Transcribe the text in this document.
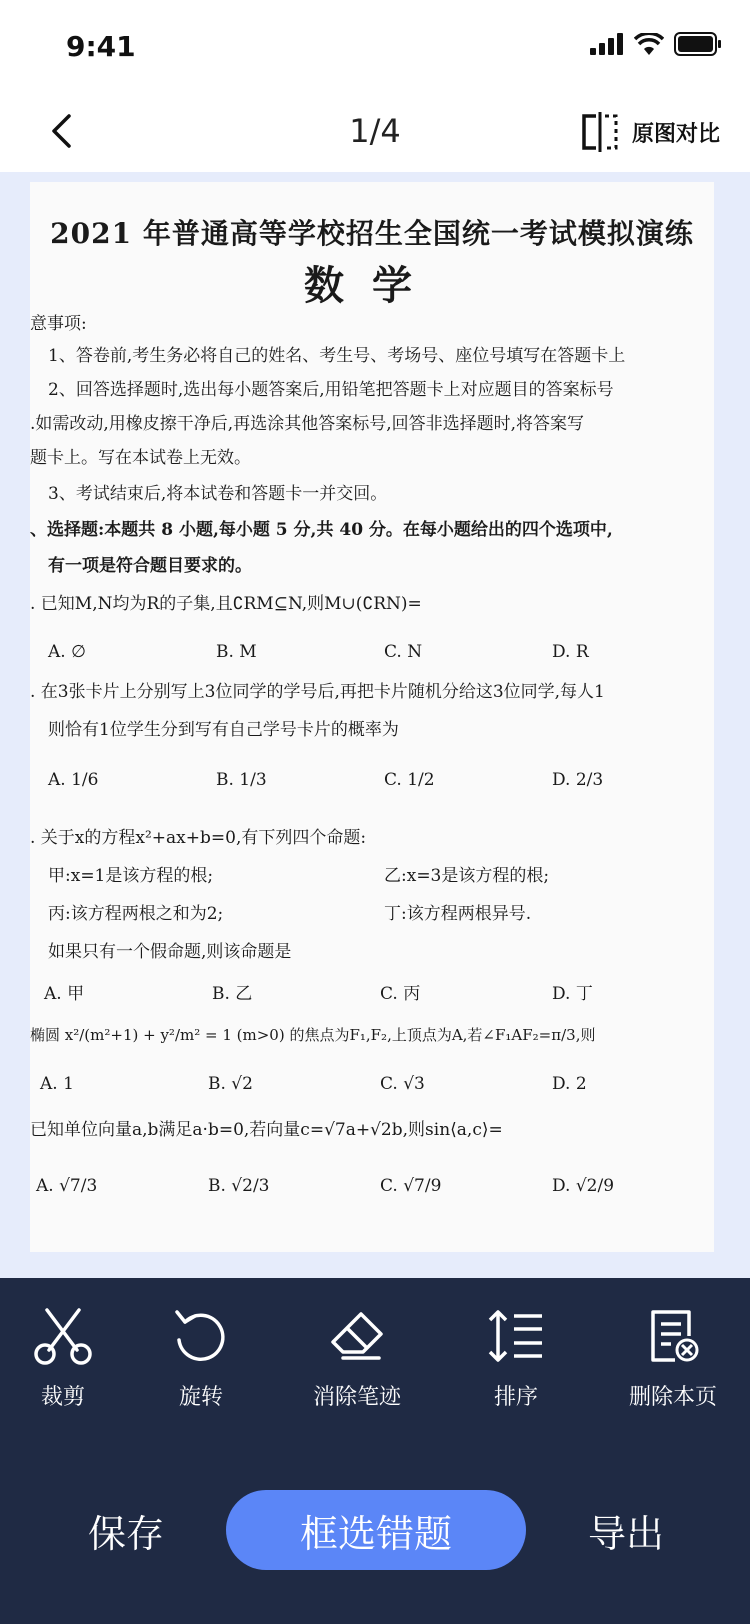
9:41
1/4	原图对比
2021 年普通高等学校招生全国统一考试模拟演练
数学
意事项:
1、答卷前,考生务必将自己的姓名、考生号、考场号、座位号填写在答题卡上
2、回答选择题时,选出每小题答案后,用铅笔把答题卡上对应题目的答案标号
.如需改动,用橡皮擦干净后,再选涂其他答案标号,回答非选择题时,将答案写
题卡上。写在本试卷上无效。
3、考试结束后,将本试卷和答题卡一并交回。
、选择题:本题共 8 小题,每小题 5 分,共 40 分。在每小题给出的四个选项中,
有一项是符合题目要求的。
. 已知M,N均为R的子集,且∁RM⊆N,则M∪(∁RN)=
A. ∅	B. M	C. N	D. R
. 在3张卡片上分别写上3位同学的学号后,再把卡片随机分给这3位同学,每人1
则恰有1位学生分到写有自己学号卡片的概率为
A. 1/6	B. 1/3	C. 1/2	D. 2/3
. 关于x的方程x²+ax+b=0,有下列四个命题:
甲:x=1是该方程的根;	乙:x=3是该方程的根;
丙:该方程两根之和为2;	丁:该方程两根异号.
如果只有一个假命题,则该命题是
A. 甲	B. 乙	C. 丙	D. 丁
椭圆 x²/(m²+1) + y²/m² = 1 (m>0) 的焦点为F₁,F₂,上顶点为A,若∠F₁AF₂=π/3,则
A. 1	B. √2	C. √3	D. 2
已知单位向量a,b满足a·b=0,若向量c=√7a+√2b,则sin⟨a,c⟩=
A. √7/3	B. √2/3	C. √7/9	D. √2/9
裁剪	旋转	消除笔迹	排序	删除本页
保存	框选错题	导出
